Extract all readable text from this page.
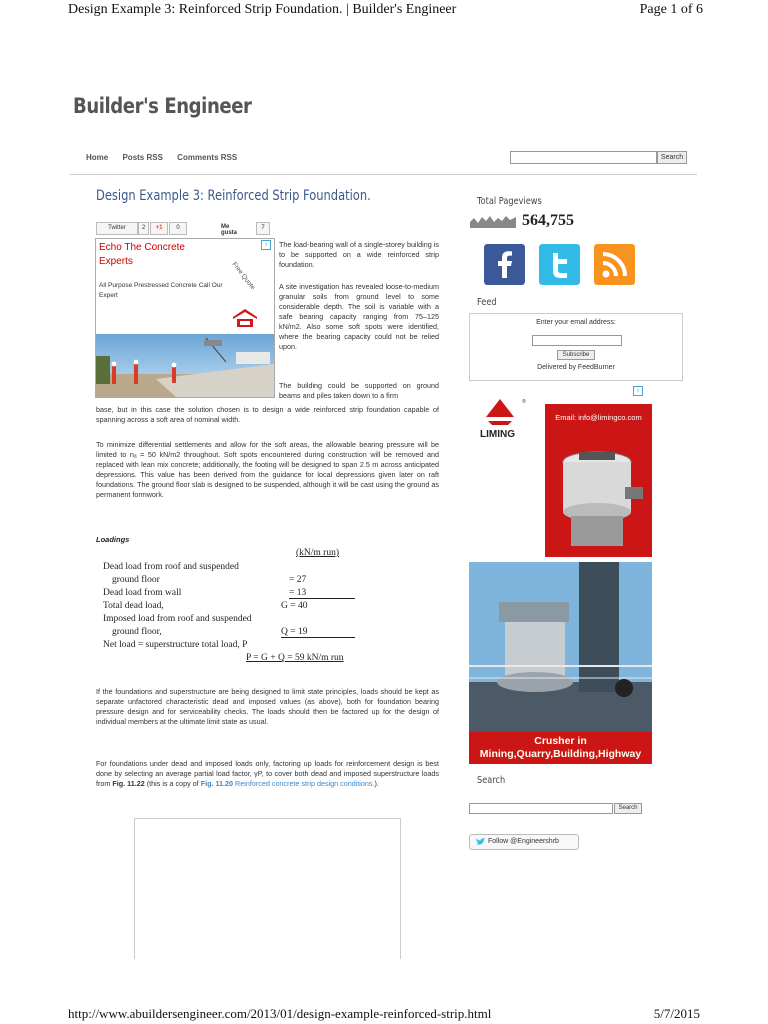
Design Example 3: Reinforced Strip Foundation. | Builder's Engineer	Page 1 of 6
Builder's Engineer
Home Posts RSS Comments RSS	Search
Design Example 3: Reinforced Strip Foundation.
Twitter	2	+1	0	Me gusta
7
Echo The Concrete Experts
All Purpose Prestressed Concrete Call Our Expert
Free Quote
i	The load-bearing wall of a single-storey building is to be supported on a wide reinforced strip foundation.
A site investigation has revealed loose-to-medium granular soils from ground level to some considerable depth. The soil is variable with a safe bearing capacity ranging from 75–125 kN/m2. Also some soft spots were identified, where the bearing capacity could not be relied upon.
The building could be supported on ground beams and piles taken down to a firm
base, but in this case the solution chosen is to design a wide reinforced strip foundation capable of spanning across a soft area of nominal width.
To minimize differential settlements and allow for the soft areas, the allowable bearing pressure will be limited to nₐ = 50 kN/m2 throughout. Soft spots encountered during construction will be removed and replaced with lean mix concrete; additionally, the footing will be designed to span 2.5 m across anticipated depressions. This value has been derived from the guidance for local depressions given later on raft foundations. The ground floor slab is designed to be suspended, although it will be cast using the ground as permanent formwork.
Loadings
(kN/m run)
Dead load from roof and suspended
ground floor	= 27
Dead load from wall	= 13
Total dead load,	G = 40
Imposed load from roof and suspended
ground floor,	Q = 19
Net load = superstructure total load, P
P = G + Q = 59 kN/m run
If the foundations and superstructure are being designed to limit state principles, loads should be kept as separate unfactored characteristic dead and imposed values (as above), both for foundation bearing pressure design and for serviceability checks. The loads should then be factored up for the design of individual members at the ultimate limit state as usual.
For foundations under dead and imposed loads only, factoring up loads for reinforcement design is best done by selecting an average partial load factor, γP, to cover both dead and imposed superstructure loads from Fig. 11.22 (this is a copy of Fig. 11.20 Reinforced concrete strip design conditions.).
Total Pageviews
564,755
Feed
Enter your email address:
Subscribe
Delivered by FeedBurner
i
®
LIMING
Email: info@limingco.com
Crusher in Mining,Quarry,Building,Highway
Search
Search
Follow @Engineershrb
http://www.abuildersengineer.com/2013/01/design-example-reinforced-strip.html	5/7/2015
